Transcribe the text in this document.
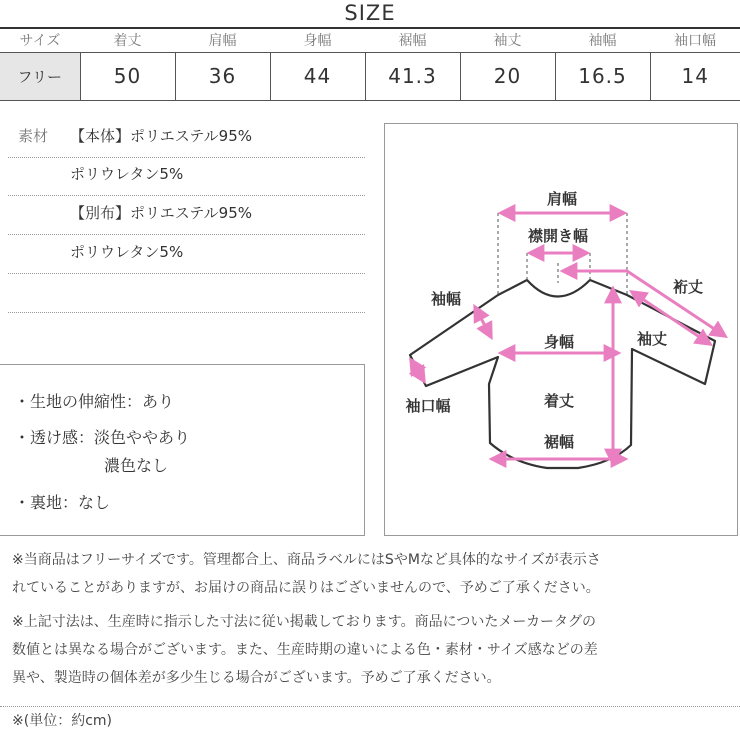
SIZE
サイズ	着丈	肩幅	身幅	裾幅	袖丈	袖幅	袖口幅
フリー	50	36	44	41.3	20	16.5	14
素材 【本体】ポリエステル95%
ポリウレタン5%
【別布】ポリエステル95%
ポリウレタン5%
・生地の伸縮性：あり
・透け感：淡色ややあり
濃色なし
・裏地：なし
肩幅
襟開き幅
裄丈
袖幅
袖丈
身幅
袖口幅	着丈
裾幅
※当商品はフリーサイズです。管理都合上、商品ラベルにはSやMなど具体的なサイズが表示さ
れていることがありますが、お届けの商品に誤りはございませんので、予めご了承ください。
※上記寸法は、生産時に指示した寸法に従い掲載しております。商品についたメーカータグの
数値とは異なる場合がございます。また、生産時期の違いによる色・素材・サイズ感などの差
異や、製造時の個体差が多少生じる場合がございます。予めご了承ください。
※(単位：約cm)
